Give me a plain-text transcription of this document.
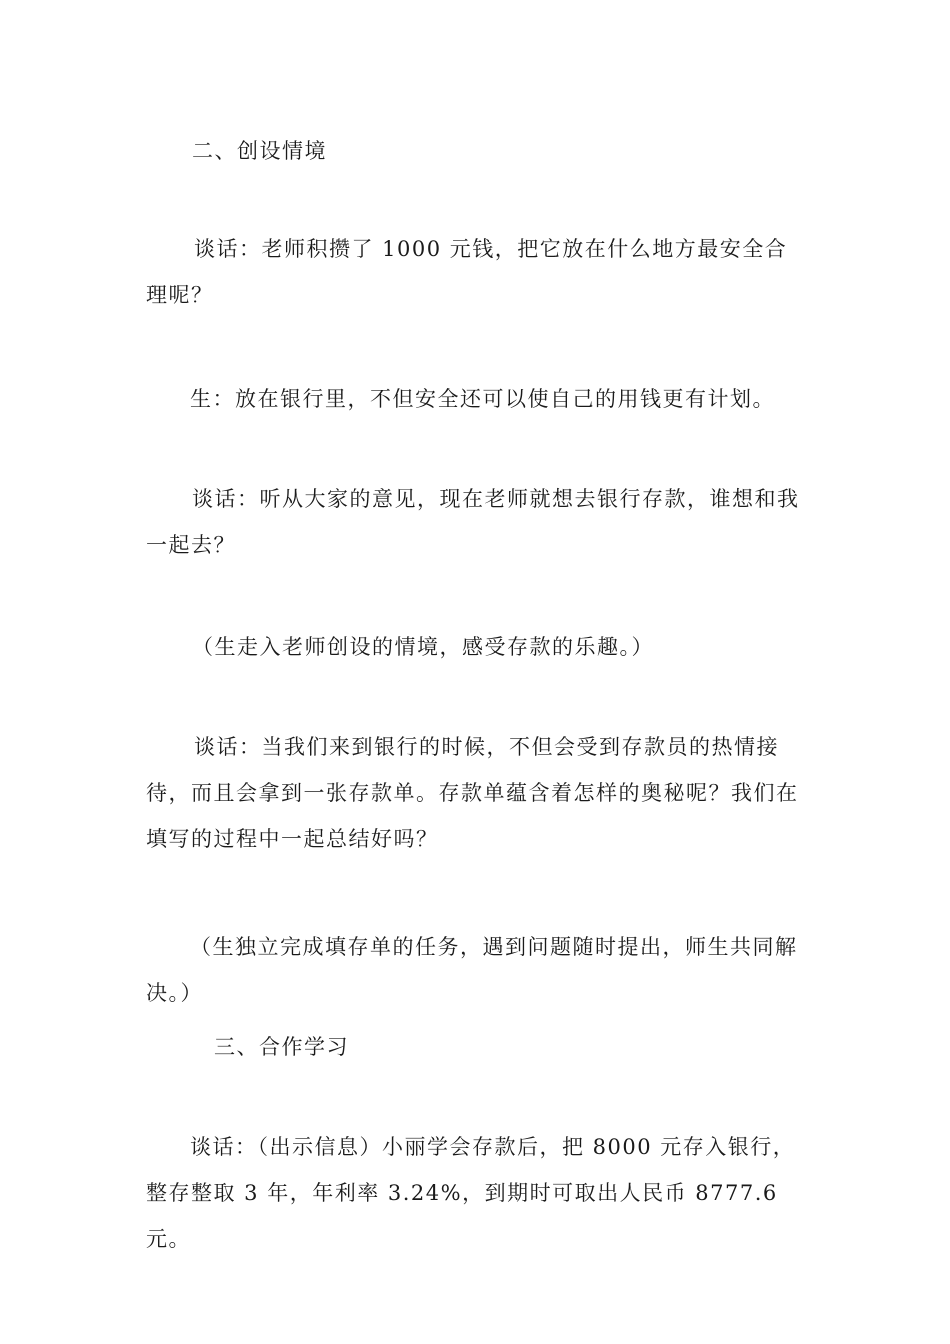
二、创设情境

谈话：老师积攒了 1000 元钱，把它放在什么地方最安全合理呢？

生：放在银行里，不但安全还可以使自己的用钱更有计划。

谈话：听从大家的意见，现在老师就想去银行存款，谁想和我一起去？

（生走入老师创设的情境，感受存款的乐趣。）

谈话：当我们来到银行的时候，不但会受到存款员的热情接待，而且会拿到一张存款单。存款单蕴含着怎样的奥秘呢？我们在填写的过程中一起总结好吗？

（生独立完成填存单的任务，遇到问题随时提出，师生共同解决。）

三、合作学习

谈话：（出示信息）小丽学会存款后，把 8000 元存入银行，整存整取 3 年，年利率 3.24%，到期时可取出人民币 8777.6 元。
